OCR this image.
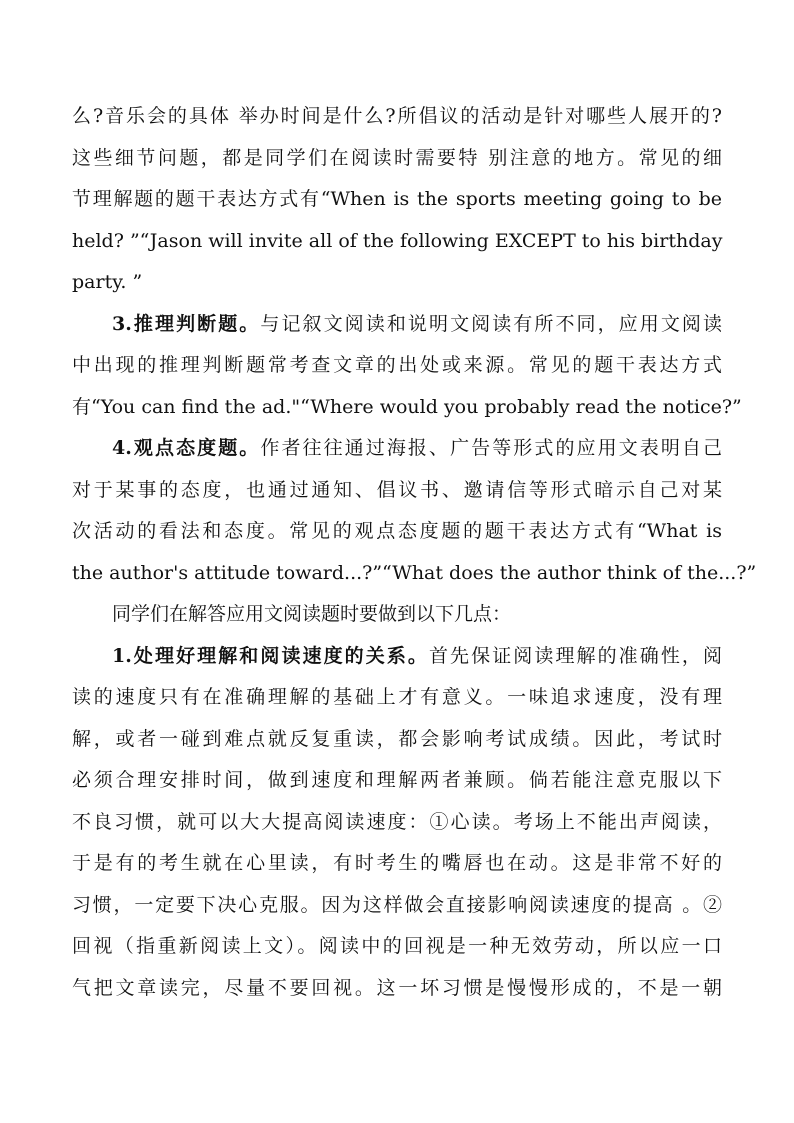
么?音乐会的具体 举办时间是什么?所倡议的活动是针对哪些人展开的?
这些细节问题，都是同学们在阅读时需要特 别注意的地方。常见的细
节理解题的题干表达方式有“When is the sports meeting going to be
held? ”“Jason will invite all of the following EXCEPT to his birthday
party. ”
3.推理判断题。与记叙文阅读和说明文阅读有所不同，应用文阅读
中出现的推理判断题常考查文章的出处或来源。常见的题干表达方式
有“You can find the ad."“Where would you probably read the notice?”
4.观点态度题。作者往往通过海报、广告等形式的应用文表明自己
对于某事的态度，也通过通知、倡议书、邀请信等形式暗示自己对某
次活动的看法和态度。常见的观点态度题的题干表达方式有“What is
the author's attitude toward...?”“What does the author think of the...?”
同学们在解答应用文阅读题时要做到以下几点：
1.处理好理解和阅读速度的关系。首先保证阅读理解的准确性，阅
读的速度只有在准确理解的基础上才有意义。一味追求速度，没有理
解，或者一碰到难点就反复重读，都会影响考试成绩。因此，考试时
必须合理安排时间，做到速度和理解两者兼顾。倘若能注意克服以下
不良习惯，就可以大大提高阅读速度：①心读。考场上不能出声阅读，
于是有的考生就在心里读，有时考生的嘴唇也在动。这是非常不好的
习惯，一定要下决心克服。因为这样做会直接影响阅读速度的提高 。②
回视（指重新阅读上文）。阅读中的回视是一种无效劳动，所以应一口
气把文章读完，尽量不要回视。这一坏习惯是慢慢形成的，不是一朝
